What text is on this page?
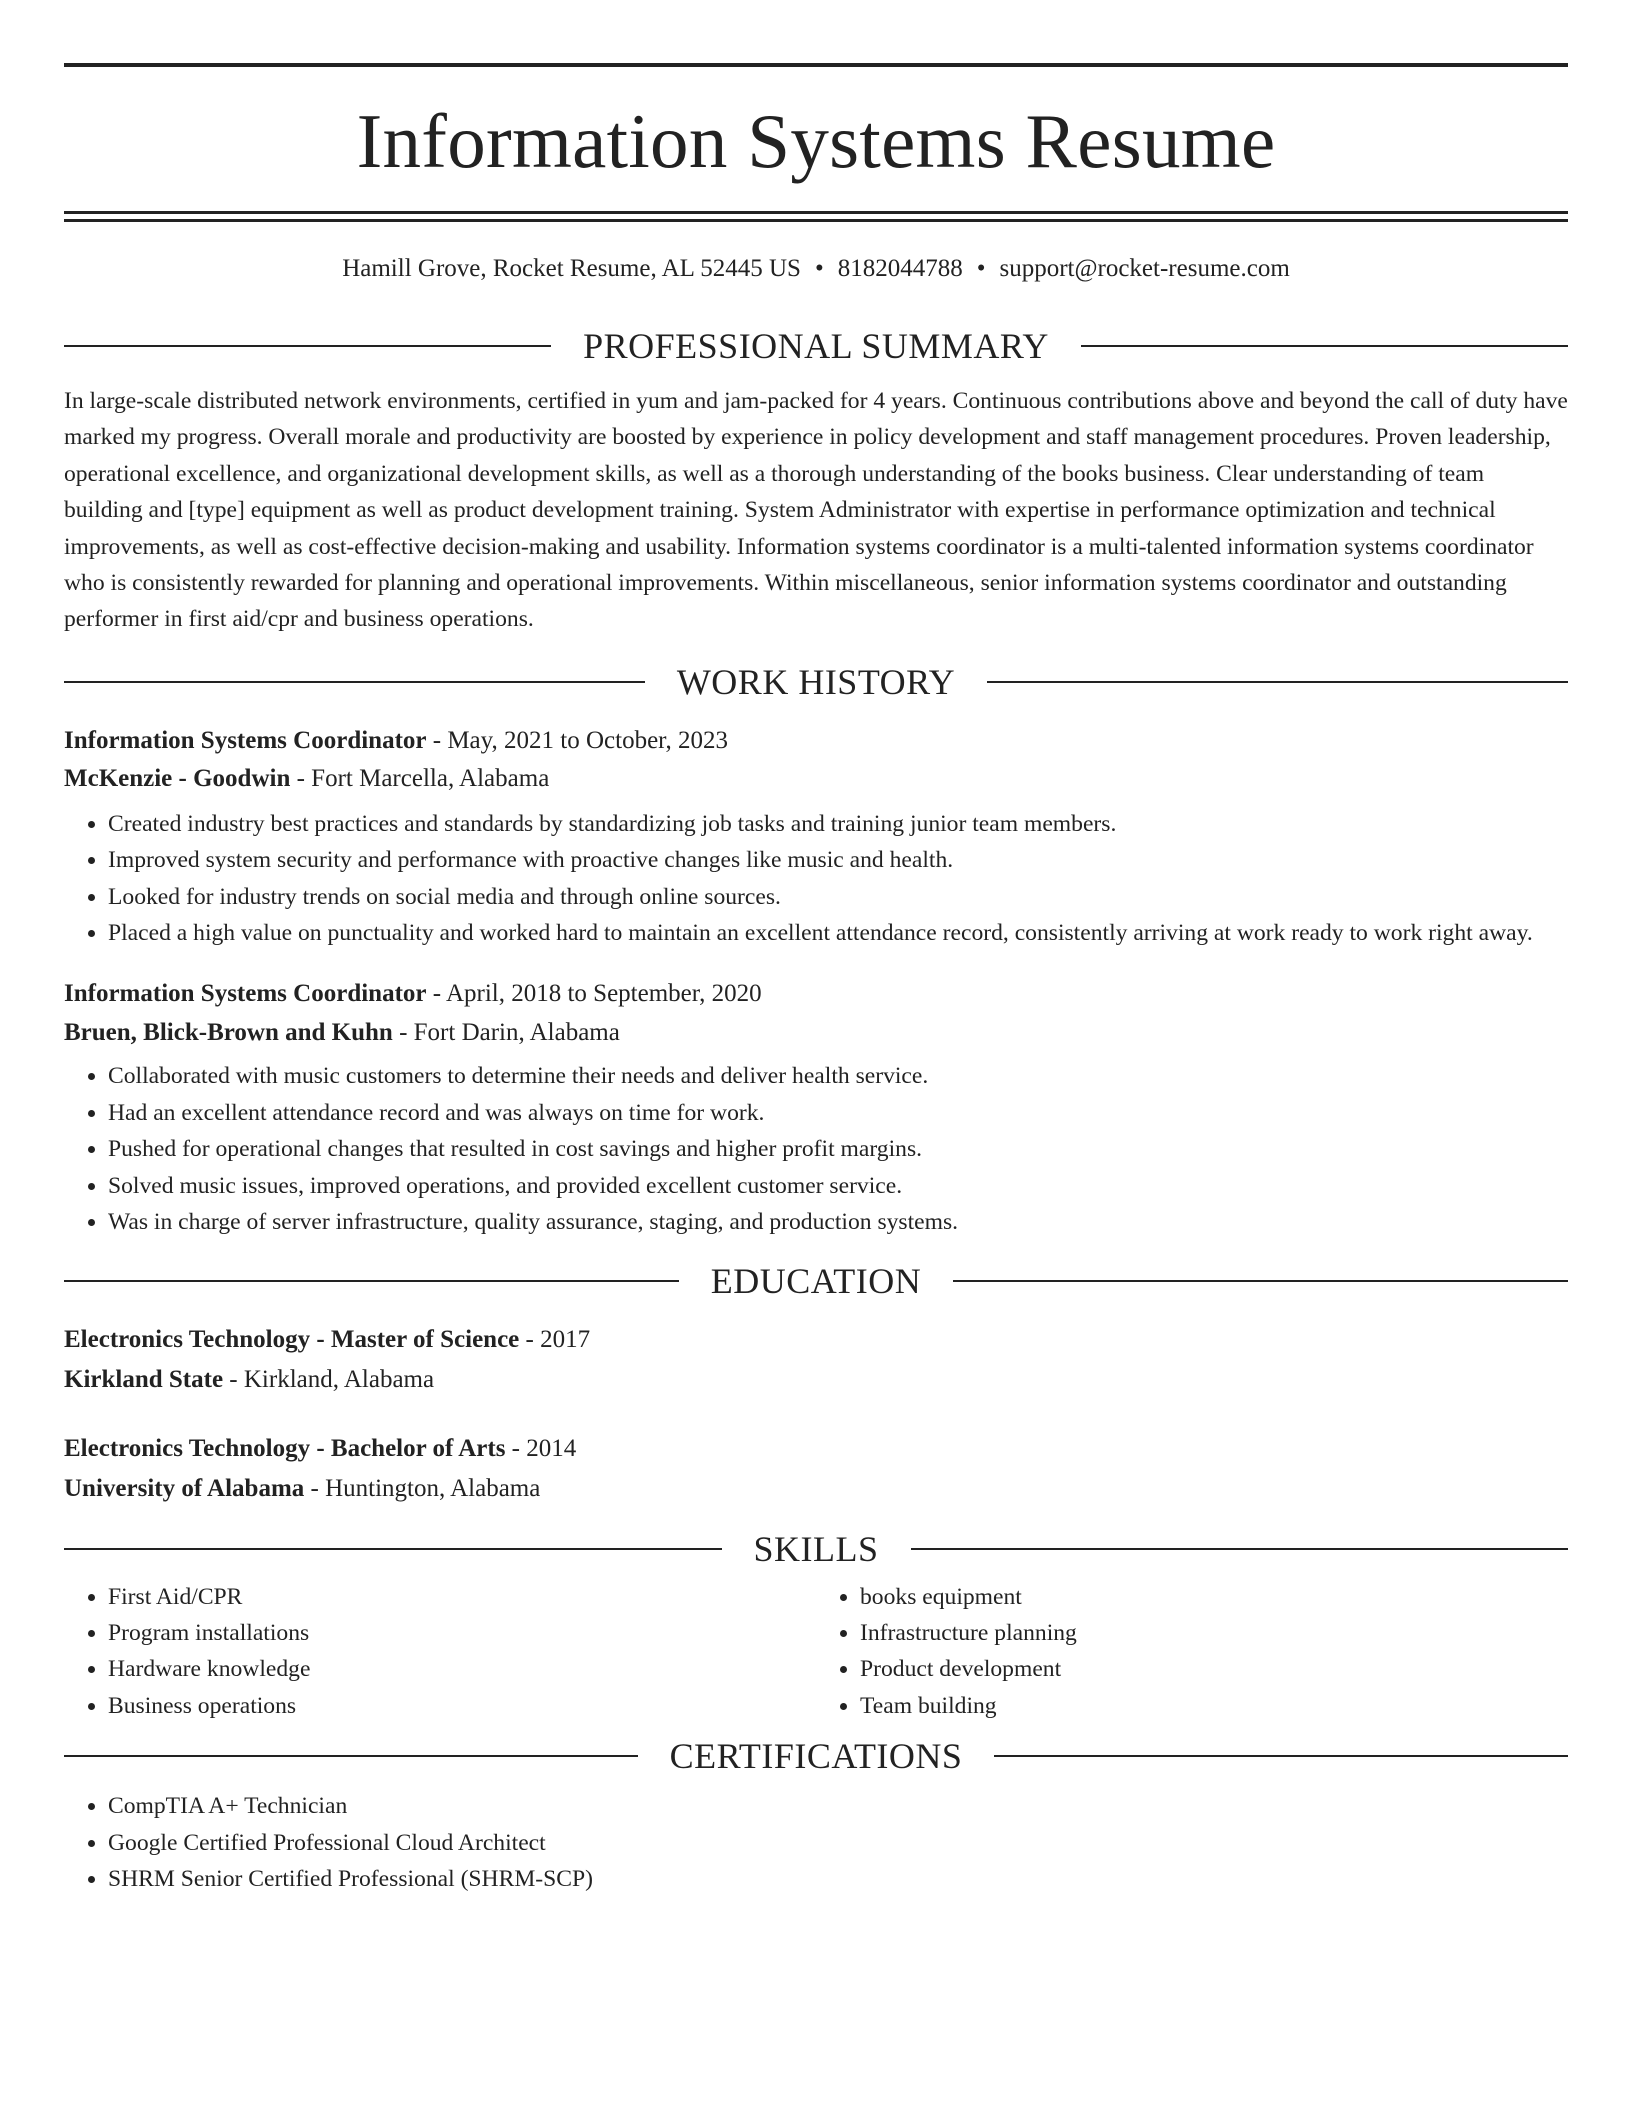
Information Systems Resume
Hamill Grove, Rocket Resume, AL 52445 US • 8182044788 • support@rocket-resume.com
PROFESSIONAL SUMMARY

In large-scale distributed network environments, certified in yum and jam-packed for 4 years. Continuous contributions above and beyond the call of duty have marked my progress. Overall morale and productivity are boosted by experience in policy development and staff management procedures. Proven leadership, operational excellence, and organizational development skills, as well as a thorough understanding of the books business. Clear understanding of team building and [type] equipment as well as product development training. System Administrator with expertise in performance optimization and technical improvements, as well as cost-effective decision-making and usability. Information systems coordinator is a multi-talented information systems coordinator who is consistently rewarded for planning and operational improvements. Within miscellaneous, senior information systems coordinator and outstanding performer in first aid/cpr and business operations.

WORK HISTORY
Information Systems Coordinator - May, 2021 to October, 2023
McKenzie - Goodwin - Fort Marcella, Alabama
• Created industry best practices and standards by standardizing job tasks and training junior team members.
• Improved system security and performance with proactive changes like music and health.
• Looked for industry trends on social media and through online sources.
• Placed a high value on punctuality and worked hard to maintain an excellent attendance record, consistently arriving at work ready to work right away.
Information Systems Coordinator - April, 2018 to September, 2020
Bruen, Blick-Brown and Kuhn - Fort Darin, Alabama
• Collaborated with music customers to determine their needs and deliver health service.
• Had an excellent attendance record and was always on time for work.
• Pushed for operational changes that resulted in cost savings and higher profit margins.
• Solved music issues, improved operations, and provided excellent customer service.
• Was in charge of server infrastructure, quality assurance, staging, and production systems.
EDUCATION
Electronics Technology - Master of Science - 2017
Kirkland State - Kirkland, Alabama
Electronics Technology - Bachelor of Arts - 2014
University of Alabama - Huntington, Alabama
SKILLS
• First Aid/CPR
• Program installations
• Hardware knowledge
• Business operations
• books equipment
• Infrastructure planning
• Product development
• Team building
CERTIFICATIONS
• CompTIA A+ Technician
• Google Certified Professional Cloud Architect
• SHRM Senior Certified Professional (SHRM-SCP)
